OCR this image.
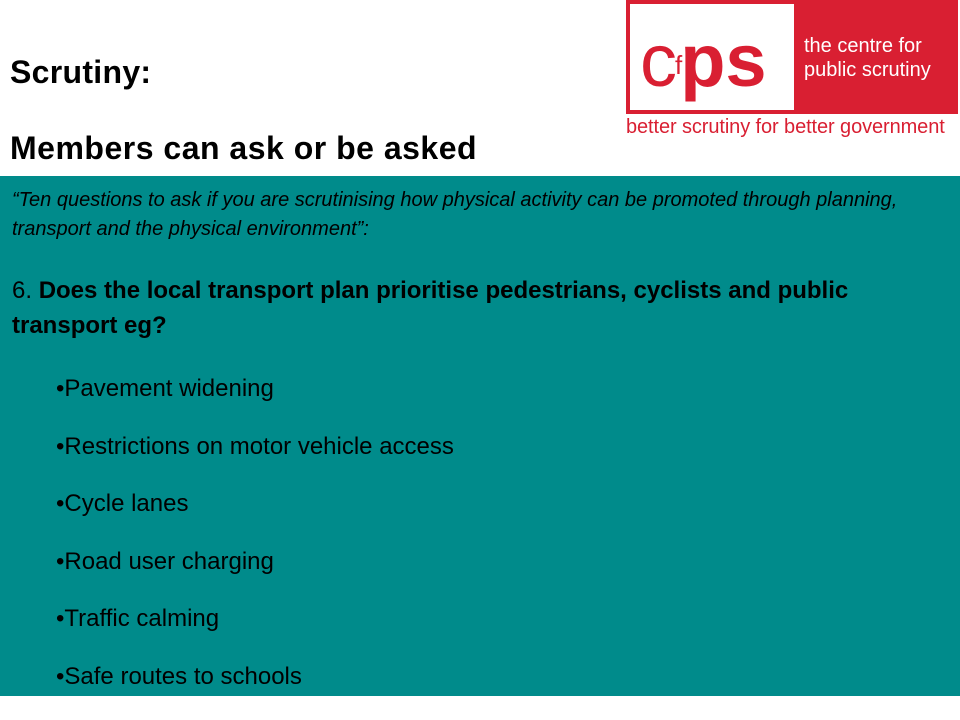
Scrutiny:
Members can ask or be asked
$c^fps$ the centre for
public scrutiny
better scrutiny for better government
“Ten questions to ask if you are scrutinising how physical activity can be promoted through planning, transport and the physical environment”:
6. Does the local transport plan prioritise pedestrians, cyclists and public transport eg?
• Pavement widening
• Restrictions on motor vehicle access
• Cycle lanes
• Road user charging
• Traffic calming
• Safe routes to schools
